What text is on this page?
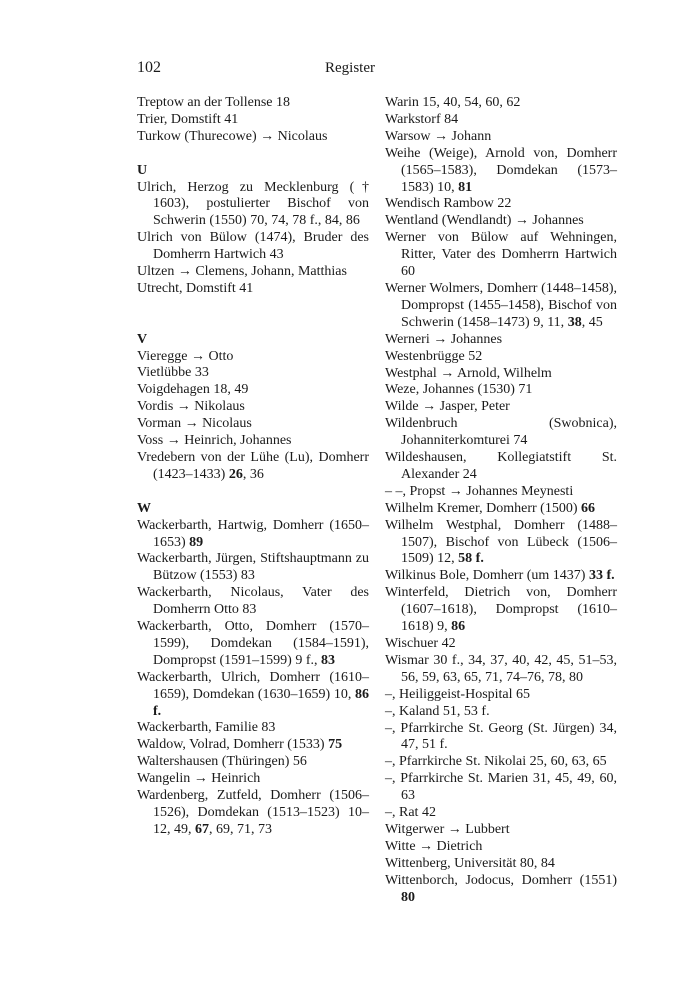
102	Register
Treptow an der Tollense 18
Trier, Domstift 41
Turkow (Thurecowe) → Nicolaus
U
Ulrich, Herzog zu Mecklenburg († 1603), postulierter Bischof von Schwerin (1550) 70, 74, 78 f., 84, 86
Ulrich von Bülow (1474), Bruder des Domherrn Hartwich 43
Ultzen → Clemens, Johann, Matthias
Utrecht, Domstift 41
V
Vieregge → Otto
Vietlübbe 33
Voigdehagen 18, 49
Vordis → Nikolaus
Vorman → Nicolaus
Voss → Heinrich, Johannes
Vredebern von der Lühe (Lu), Domherr (1423–1433) 26, 36
W
Wackerbarth, Hartwig, Domherr (1650–1653) 89
Wackerbarth, Jürgen, Stiftshauptmann zu Bützow (1553) 83
Wackerbarth, Nicolaus, Vater des Domherrn Otto 83
Wackerbarth, Otto, Domherr (1570–1599), Domdekan (1584–1591), Dompropst (1591–1599) 9 f., 83
Wackerbarth, Ulrich, Domherr (1610–1659), Domdekan (1630–1659) 10, 86 f.
Wackerbarth, Familie 83
Waldow, Volrad, Domherr (1533) 75
Waltershausen (Thüringen) 56
Wangelin → Heinrich
Wardenberg, Zutfeld, Domherr (1506–1526), Domdekan (1513–1523) 10–12, 49, 67, 69, 71, 73
Warin 15, 40, 54, 60, 62
Warkstorf 84
Warsow → Johann
Weihe (Weige), Arnold von, Domherr (1565–1583), Domdekan (1573–1583) 10, 81
Wendisch Rambow 22
Wentland (Wendlandt) → Johannes
Werner von Bülow auf Wehningen, Ritter, Vater des Domherrn Hartwich 60
Werner Wolmers, Domherr (1448–1458), Dompropst (1455–1458), Bischof von Schwerin (1458–1473) 9, 11, 38, 45
Werneri → Johannes
Westenbrügge 52
Westphal → Arnold, Wilhelm
Weze, Johannes (1530) 71
Wilde → Jasper, Peter
Wildenbruch (Swobnica), Johanniterkomturei 74
Wildeshausen, Kollegiatstift St. Alexander 24
– –, Propst → Johannes Meynesti
Wilhelm Kremer, Domherr (1500) 66
Wilhelm Westphal, Domherr (1488–1507), Bischof von Lübeck (1506–1509) 12, 58 f.
Wilkinus Bole, Domherr (um 1437) 33 f.
Winterfeld, Dietrich von, Domherr (1607–1618), Dompropst (1610–1618) 9, 86
Wischuer 42
Wismar 30 f., 34, 37, 40, 42, 45, 51–53, 56, 59, 63, 65, 71, 74–76, 78, 80
–, Heiliggeist-Hospital 65
–, Kaland 51, 53 f.
–, Pfarrkirche St. Georg (St. Jürgen) 34, 47, 51 f.
–, Pfarrkirche St. Nikolai 25, 60, 63, 65
–, Pfarrkirche St. Marien 31, 45, 49, 60, 63
–, Rat 42
Witgerwer → Lubbert
Witte → Dietrich
Wittenberg, Universität 80, 84
Wittenborch, Jodocus, Domherr (1551) 80
